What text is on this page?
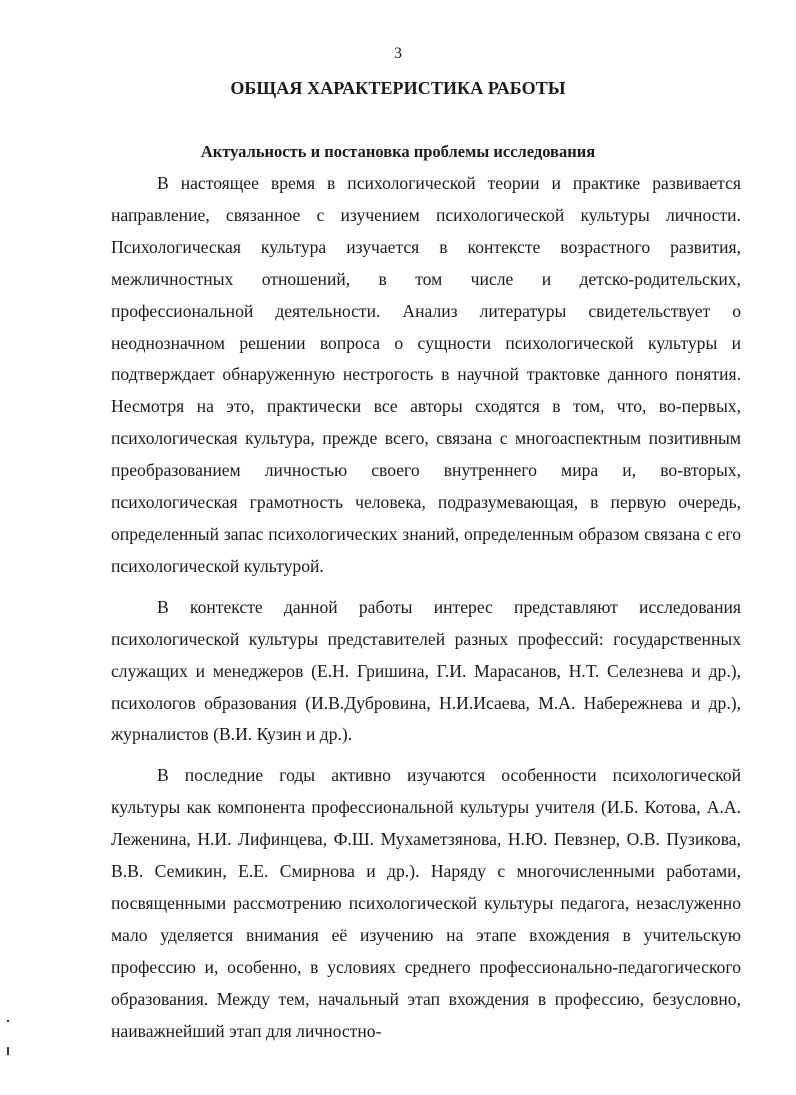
3
ОБЩАЯ ХАРАКТЕРИСТИКА РАБОТЫ
Актуальность и постановка проблемы исследования

В настоящее время в психологической теории и практике развивается направление, связанное с изучением психологической культуры личности. Психологическая культура изучается в контексте возрастного развития, межличностных отношений, в том числе и детско-родительских, профессиональной деятельности. Анализ литературы свидетельствует о неоднозначном решении вопроса о сущности психологической культуры и подтверждает обнаруженную нестрогость в научной трактовке данного понятия. Несмотря на это, практически все авторы сходятся в том, что, во-первых, психологическая культура, прежде всего, связана с многоаспектным позитивным преобразованием личностью своего внутреннего мира и, во-вторых, психологическая грамотность человека, подразумевающая, в первую очередь, определенный запас психологических знаний, определенным образом связана с его психологической культурой.

В контексте данной работы интерес представляют исследования психологической культуры представителей разных профессий: государственных служащих и менеджеров (Е.Н. Гришина, Г.И. Марасанов, Н.Т. Селезнева и др.), психологов образования (И.В.Дубровина, Н.И.Исаева, М.А. Набережнева и др.), журналистов (В.И. Кузин и др.).

В последние годы активно изучаются особенности психологической культуры как компонента профессиональной культуры учителя (И.Б. Котова, А.А. Леженина, Н.И. Лифинцева, Ф.Ш. Мухаметзянова, Н.Ю. Певзнер, О.В. Пузикова, В.В. Семикин, Е.Е. Смирнова и др.). Наряду с многочисленными работами, посвященными рассмотрению психологической культуры педагога, незаслуженно мало уделяется внимания её изучению на этапе вхождения в учительскую профессию и, особенно, в условиях среднего профессионально-педагогического образования. Между тем, начальный этап вхождения в профессию, безусловно, наиважнейший этап для личностно-
